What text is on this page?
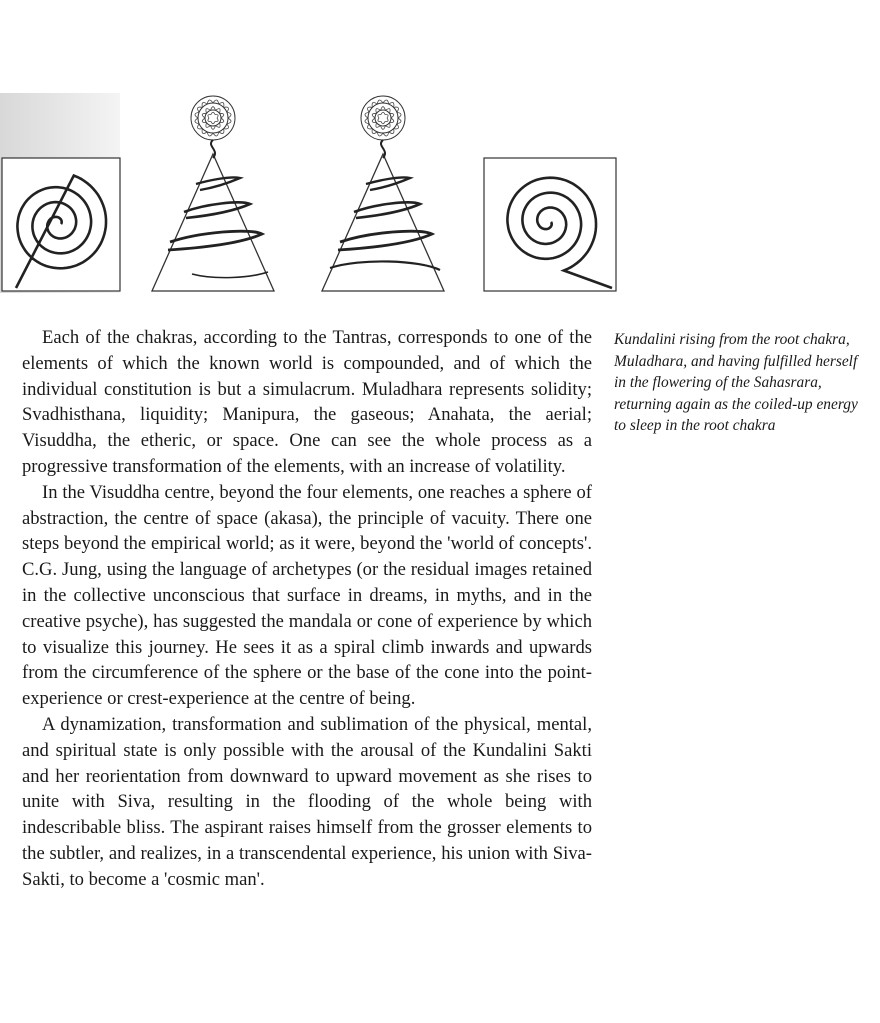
Each of the chakras, according to the Tantras, corresponds to one of the elements of which the known world is compounded, and of which the individual constitution is but a simulacrum. Muladhara represents solidity; Svadhisthana, liquidity; Manipura, the gaseous; Anahata, the aerial; Visuddha, the etheric, or space. One can see the whole process as a progressive transformation of the elements, with an increase of volatility.

In the Visuddha centre, beyond the four elements, one reaches a sphere of abstraction, the centre of space (akasa), the principle of vacuity. There one steps beyond the empirical world; as it were, beyond the 'world of concepts'. C.G. Jung, using the language of archetypes (or the residual images retained in the collective unconscious that surface in dreams, in myths, and in the creative psyche), has suggested the mandala or cone of experience by which to visualize this journey. He sees it as a spiral climb inwards and upwards from the circumference of the sphere or the base of the cone into the point-experience or crest-experience at the centre of being.

A dynamization, transformation and sublimation of the physical, mental, and spiritual state is only possible with the arousal of the Kundalini Sakti and her reorientation from downward to upward movement as she rises to unite with Siva, resulting in the flooding of the whole being with indescribable bliss. The aspirant raises himself from the grosser elements to the subtler, and realizes, in a transcendental experience, his union with Siva-Sakti, to become a 'cosmic man'.

Kundalini rising from the root chakra, Muladhara, and having fulfilled herself in the flowering of the Sahasrara, returning again as the coiled-up energy to sleep in the root chakra
